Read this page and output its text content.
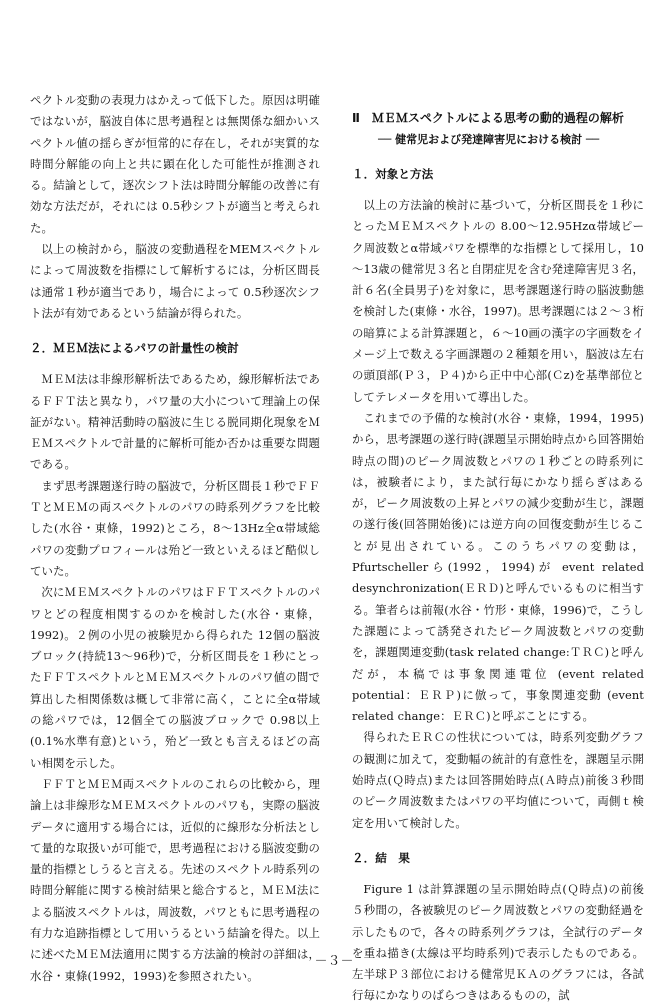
ペクトル変動の表現力はかえって低下した。原因は明確ではないが，脳波自体に思考過程とは無関係な細かいスペクトル値の揺らぎが恒常的に存在し，それが実質的な時間分解能の向上と共に顕在化した可能性が推測される。結論として，逐次シフト法は時間分解能の改善に有効な方法だが，それには 0.5秒シフトが適当と考えられた。

以上の検討から，脳波の変動過程をMEMスペクトルによって周波数を指標にして解析するには，分析区間長は通常１秒が適当であり，場合によって 0.5秒逐次シフト法が有効であるという結論が得られた。

２．ＭＥＭ法によるパワの計量性の検討

ＭＥＭ法は非線形解析法であるため，線形解析法であるＦＦＴ法と異なり，パワ量の大小について理論上の保証がない。精神活動時の脳波に生じる脱同期化現象をＭＥＭスペクトルで計量的に解析可能か否かは重要な問題である。

まず思考課題遂行時の脳波で，分析区間長１秒でＦＦＴとＭＥＭの両スペクトルのパワの時系列グラフを比較した(水谷・東條，1992)ところ，8～13Hz全α帯域総パワの変動プロフィールは殆ど一致といえるほど酷似していた。

次にＭＥＭスペクトルのパワはＦＦＴスペクトルのパワとどの程度相関するのかを検討した(水谷・東條，1992)。２例の小児の被験児から得られた 12個の脳波ブロック(持続13～96秒)で，分析区間長を１秒にとったＦＦＴスペクトルとＭＥＭスペクトルのパワ値の間で算出した相関係数は概して非常に高く，ことに全α帯域の総パワでは，12個全ての脳波ブロックで 0.98以上(0.1%水準有意)という，殆ど一致とも言えるほどの高い相関を示した。

ＦＦＴとＭＥＭ両スペクトルのこれらの比較から，理論上は非線形なＭＥＭスペクトルのパワも，実際の脳波データに適用する場合には，近似的に線形な分析法として量的な取扱いが可能で，思考過程における脳波変動の量的指標としうると言える。先述のスペクトル時系列の時間分解能に関する検討結果と総合すると，ＭＥＭ法による脳波スペクトルは，周波数，パワともに思考過程の有力な追跡指標として用いうるという結論を得た。以上に述べたＭＥＭ法適用に関する方法論的検討の詳細は，水谷・東條(1992，1993)を参照されたい。

Ⅱ　ＭＥＭスペクトルによる思考の動的過程の解析
── 健常児および発達障害児における検討 ──
１．対象と方法

以上の方法論的検討に基づいて，分析区間長を１秒にとったＭＥＭスペクトルの 8.00～12.95Hzα帯域ピーク周波数とα帯域パワを標準的な指標として採用し，10～13歳の健常児３名と自閉症児を含む発達障害児３名，計６名(全員男子)を対象に，思考課題遂行時の脳波動態を検討した(東條・水谷，1997)。思考課題には２～３桁の暗算による計算課題と，６～10画の漢字の字画数をイメージ上で数える字画課題の２種類を用い，脳波は左右の頭頂部(Ｐ３，Ｐ４)から正中中心部(Ｃz)を基準部位としてテレメータを用いて導出した。

これまでの予備的な検討(水谷・東條，1994，1995)から，思考課題の遂行時(課題呈示開始時点から回答開始時点の間)のピーク周波数とパワの１秒ごとの時系列には，被験者により，また試行毎にかなり揺らぎはあるが，ピーク周波数の上昇とパワの減少変動が生じ，課題の遂行後(回答開始後)には逆方向の回復変動が生じることが見出されている。このうちパワの変動は，Pfurtschellerら(1992，1994)が event related desynchronization(ＥＲＤ)と呼んでいるものに相当する。筆者らは前報(水谷・竹形・東條，1996)で，こうした課題によって誘発されたピーク周波数とパワの変動を，課題関連変動(task related change:ＴＲＣ)と呼んだが，本稿では事象関連電位 (event related potential：ＥＲＰ)に倣って，事象関連変動 (event related change：ＥＲＣ)と呼ぶことにする。

得られたＥＲＣの性状については，時系列変動グラフの観測に加えて，変動幅の統計的有意性を，課題呈示開始時点(Ｑ時点)または回答開始時点(Ａ時点)前後３秒間のピーク周波数またはパワの平均値について，両側ｔ検定を用いて検討した。

２．結　果

Figure 1 は計算課題の呈示開始時点(Ｑ時点)の前後５秒間の，各被験児のピーク周波数とパワの変動経過を示したもので，各々の時系列グラフは，全試行のデータを重ね描き(太線は平均時系列)で表示したものである。左半球Ｐ３部位における健常児ＫＡのグラフには，各試行毎にかなりのばらつきはあるものの，試

－３－
